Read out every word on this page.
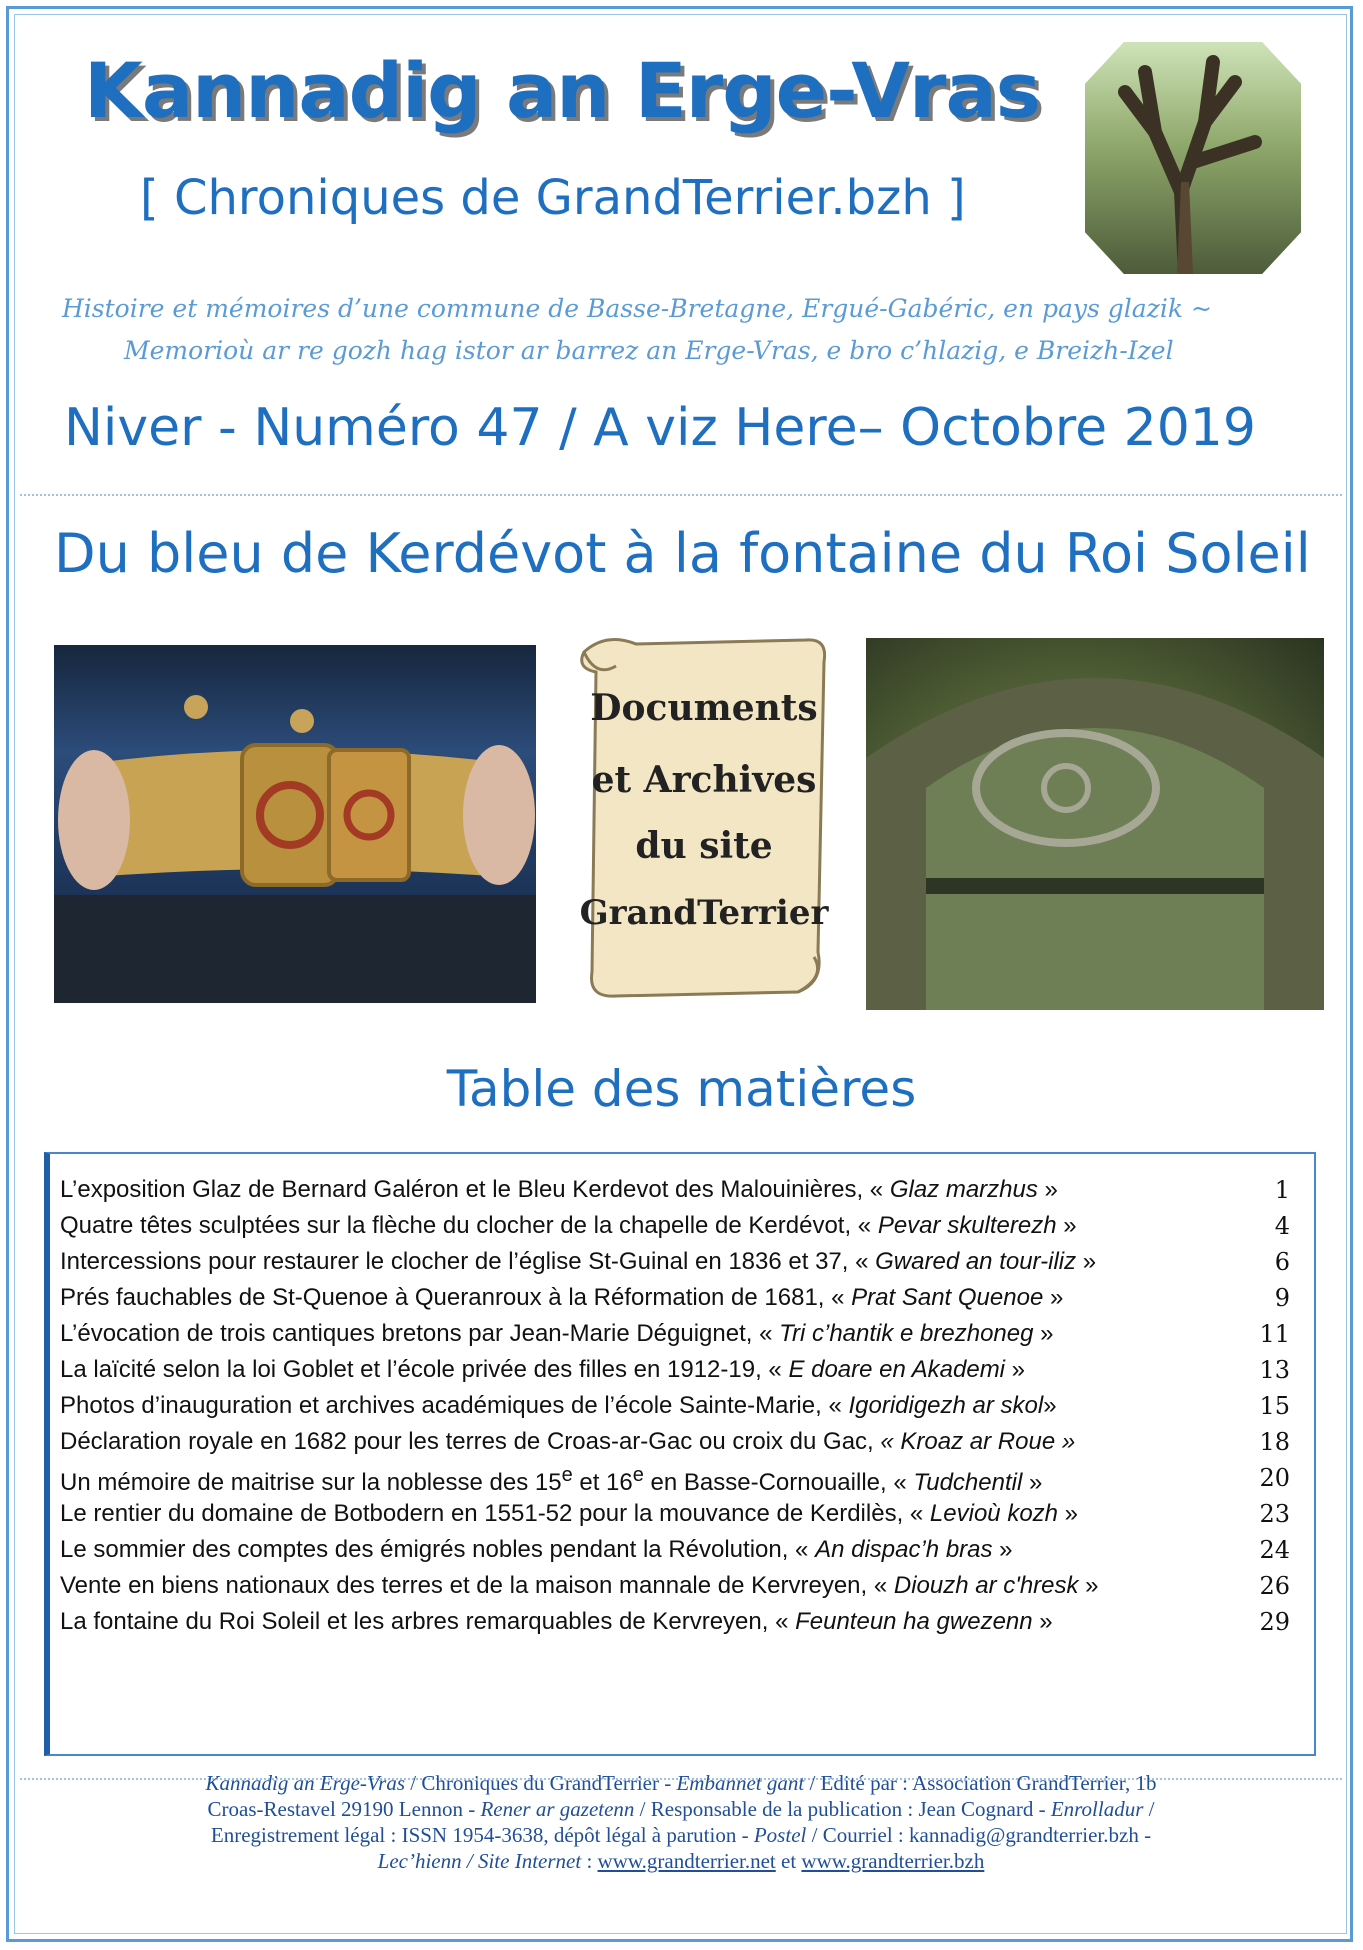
Kannadig an Erge-Vras
[ Chroniques de GrandTerrier.bzh ]
Histoire et mémoires d’une commune de Basse-Bretagne, Ergué-Gabéric, en pays glazik ~
Memorioù ar re gozh hag istor ar barrez an Erge-Vras, e bro c’hlazig, e Breizh-Izel
Niver - Numéro 47 / A viz Here– Octobre 2019
Du bleu de Kerdévot à la fontaine du Roi Soleil
Documents
et Archives
du site
GrandTerrier
Table des matières
L’exposition Glaz de Bernard Galéron et le Bleu Kerdevot des Malouinières, « Glaz marzhus »	1
Quatre têtes sculptées sur la flèche du clocher de la chapelle de Kerdévot, « Pevar skulterezh »	4
Intercessions pour restaurer le clocher de l’église St-Guinal en 1836 et 37, « Gwared an tour-iliz »	6
Prés fauchables de St-Quenoe à Queranroux à la Réformation de 1681, « Prat Sant Quenoe »	9
L’évocation de trois cantiques bretons par Jean-Marie Déguignet, « Tri c’hantik e brezhoneg »	11
La laïcité selon la loi Goblet et l’école privée des filles en 1912-19, « E doare en Akademi »	13
Photos d’inauguration et archives académiques de l’école Sainte-Marie, « Igoridigezh ar skol»	15
Déclaration royale en 1682 pour les terres de Croas-ar-Gac ou croix du Gac, « Kroaz ar Roue »	18
Un mémoire de maitrise sur la noblesse des 15e et 16e en Basse-Cornouaille, « Tudchentil »	20
Le rentier du domaine de Botbodern en 1551-52 pour la mouvance de Kerdilès, « Levioù kozh »	23
Le sommier des comptes des émigrés nobles pendant la Révolution, « An dispac’h bras »	24
Vente en biens nationaux des terres et de la maison mannale de Kervreyen, « Diouzh ar c'hresk »	26
La fontaine du Roi Soleil et les arbres remarquables de Kervreyen, « Feunteun ha gwezenn »	29
Kannadig an Erge-Vras / Chroniques du GrandTerrier - Embannet gant / Edité par : Association GrandTerrier, 1b
Croas-Restavel 29190 Lennon - Rener ar gazetenn / Responsable de la publication : Jean Cognard - Enrolladur /
Enregistrement légal : ISSN 1954-3638, dépôt légal à parution - Postel / Courriel : kannadig@grandterrier.bzh -
Lec’hienn / Site Internet : www.grandterrier.net et www.grandterrier.bzh
